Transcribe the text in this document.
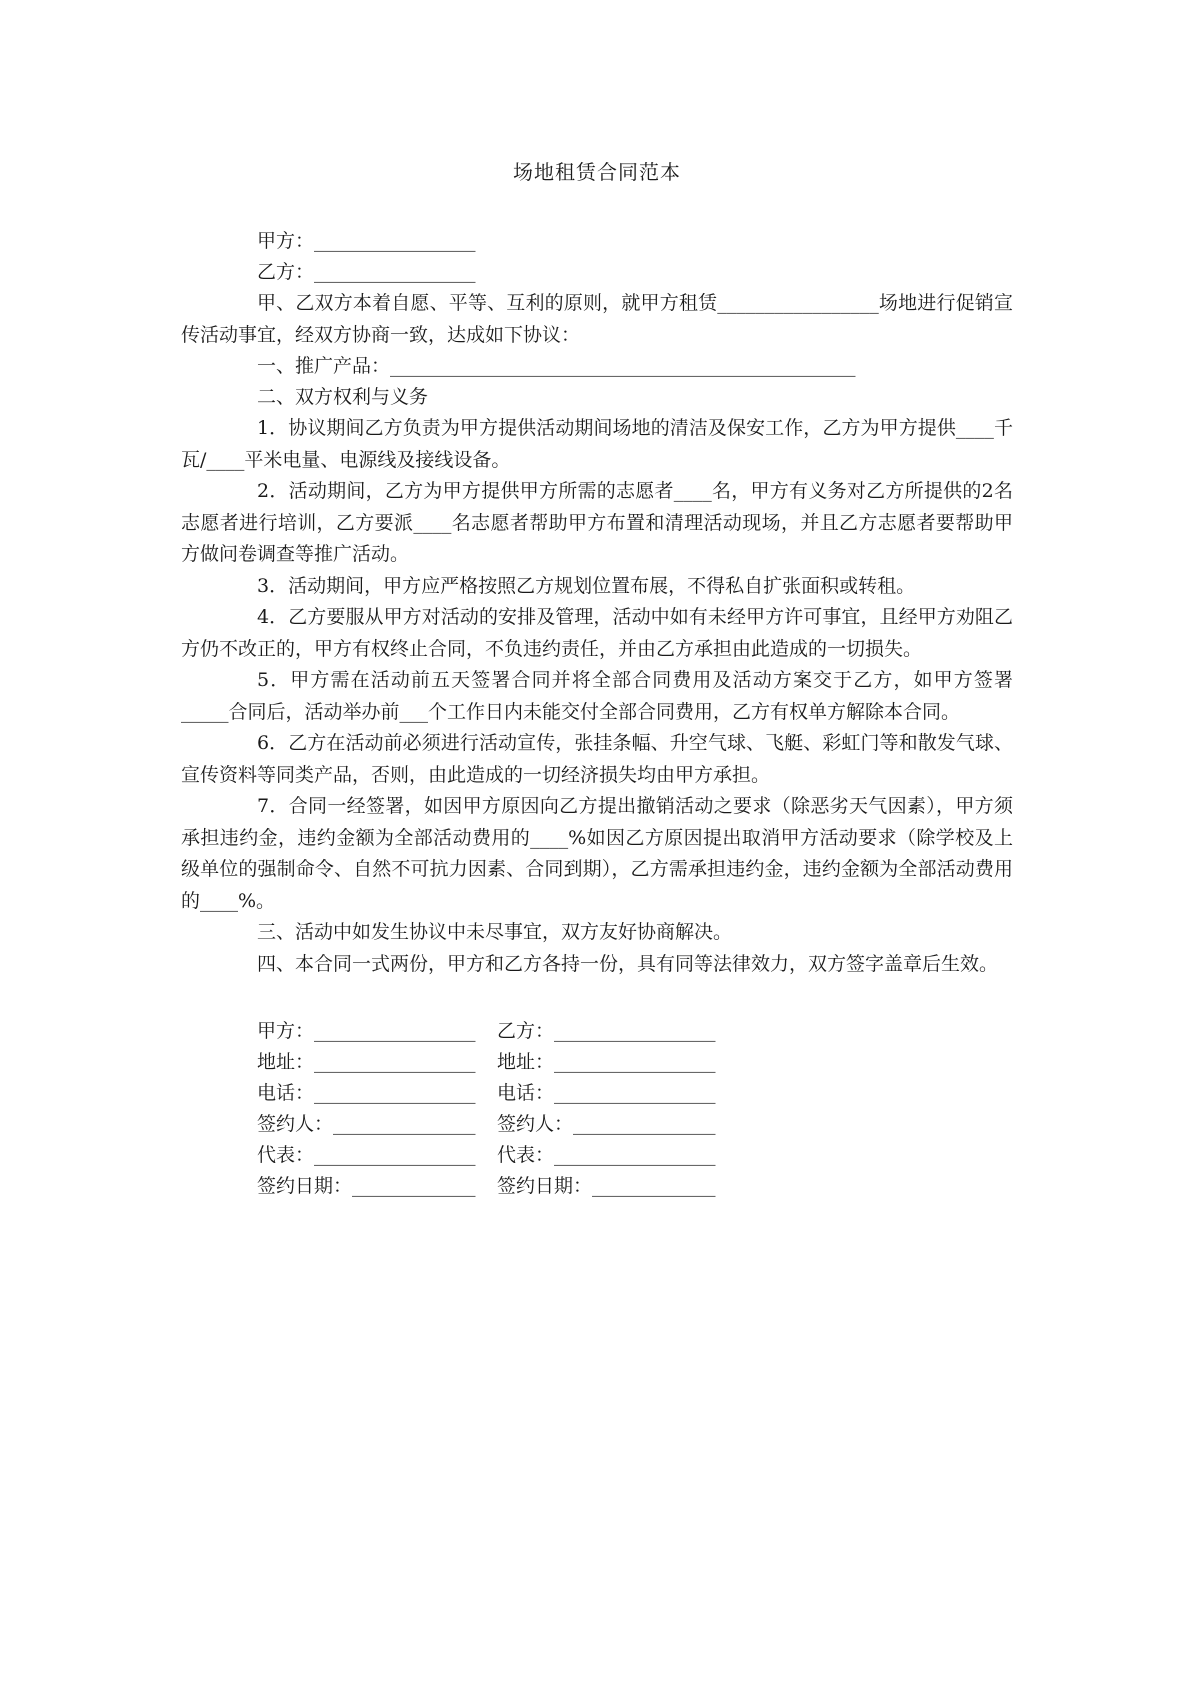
场地租赁合同范本
甲方：_________________
乙方：_________________

甲、乙双方本着自愿、平等、互利的原则，就甲方租赁_________________场地进行促销宣传活动事宜，经双方协商一致，达成如下协议：

一、推广产品：_________________________________________________
二、双方权利与义务

1．协议期间乙方负责为甲方提供活动期间场地的清洁及保安工作，乙方为甲方提供____千瓦/____平米电量、电源线及接线设备。

2．活动期间，乙方为甲方提供甲方所需的志愿者____名，甲方有义务对乙方所提供的2名志愿者进行培训，乙方要派____名志愿者帮助甲方布置和清理活动现场，并且乙方志愿者要帮助甲方做问卷调查等推广活动。

3．活动期间，甲方应严格按照乙方规划位置布展，不得私自扩张面积或转租。

4．乙方要服从甲方对活动的安排及管理，活动中如有未经甲方许可事宜，且经甲方劝阻乙方仍不改正的，甲方有权终止合同，不负违约责任，并由乙方承担由此造成的一切损失。

5．甲方需在活动前五天签署合同并将全部合同费用及活动方案交于乙方，如甲方签署_____合同后，活动举办前___个工作日内未能交付全部合同费用，乙方有权单方解除本合同。

6．乙方在活动前必须进行活动宣传，张挂条幅、升空气球、飞艇、彩虹门等和散发气球、宣传资料等同类产品，否则，由此造成的一切经济损失均由甲方承担。

7．合同一经签署，如因甲方原因向乙方提出撤销活动之要求（除恶劣天气因素），甲方须承担违约金，违约金额为全部活动费用的____%如因乙方原因提出取消甲方活动要求（除学校及上级单位的强制命令、自然不可抗力因素、合同到期），乙方需承担违约金，违约金额为全部活动费用的____%。

三、活动中如发生协议中未尽事宜，双方友好协商解决。

四、本合同一式两份，甲方和乙方各持一份，具有同等法律效力，双方签字盖章后生效。

甲方：_________________	乙方：_________________
地址：_________________	地址：_________________
电话：_________________	电话：_________________
签约人：_______________	签约人：_______________
代表：_________________	代表：_________________
签约日期：_____________	签约日期：_____________
